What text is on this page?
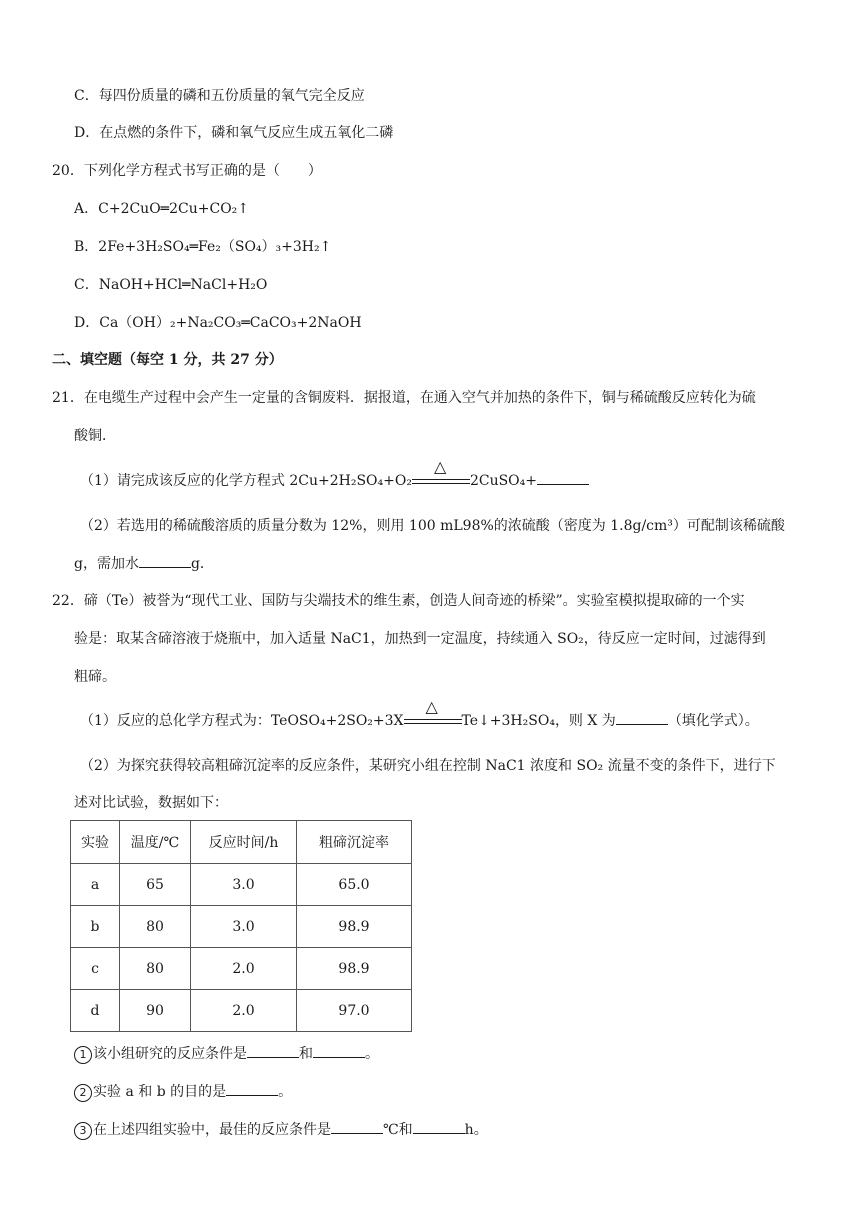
C．每四份质量的磷和五份质量的氧气完全反应
D．在点燃的条件下，磷和氧气反应生成五氧化二磷
20．下列化学方程式书写正确的是（　　）
A．C+2CuO═2Cu+CO₂↑
B．2Fe+3H₂SO₄═Fe₂（SO₄）₃+3H₂↑
C．NaOH+HCl═NaCl+H₂O
D．Ca（OH）₂+Na₂CO₃═CaCO₃+2NaOH
二、填空题（每空 1 分，共 27 分）
21．在电缆生产过程中会产生一定量的含铜废料．据报道，在通入空气并加热的条件下，铜与稀硫酸反应转化为硫
酸铜．
（1）请完成该反应的化学方程式 2Cu+2H₂SO₄+O₂
△
2CuSO₄+
（2）若选用的稀硫酸溶质的质量分数为 12%，则用 100 mL98%的浓硫酸（密度为 1.8g/cm³）可配制该稀硫酸
g，需加水	g．
22．碲（Te）被誉为“现代工业、国防与尖端技术的维生素，创造人间奇迹的桥梁”。实验室模拟提取碲的一个实
验是：取某含碲溶液于烧瓶中，加入适量 NaC1，加热到一定温度，持续通入 SO₂，待反应一定时间，过滤得到
粗碲。
（1）反应的总化学方程式为：TeOSO₄+2SO₂+3X
△
Te↓+3H₂SO₄，则 X 为	（填化学式）。
（2）为探究获得较高粗碲沉淀率的反应条件，某研究小组在控制 NaC1 浓度和 SO₂ 流量不变的条件下，进行下
述对比试验，数据如下：
实验	温度/℃	反应时间/h	粗碲沉淀率
a	65	3.0	65.0
b	80	3.0	98.9
c	80	2.0	98.9
d	90	2.0	97.0
1 该小组研究的反应条件是	和	。
2 实验 a 和 b 的目的是	。
3 在上述四组实验中，最佳的反应条件是	℃和	h。
